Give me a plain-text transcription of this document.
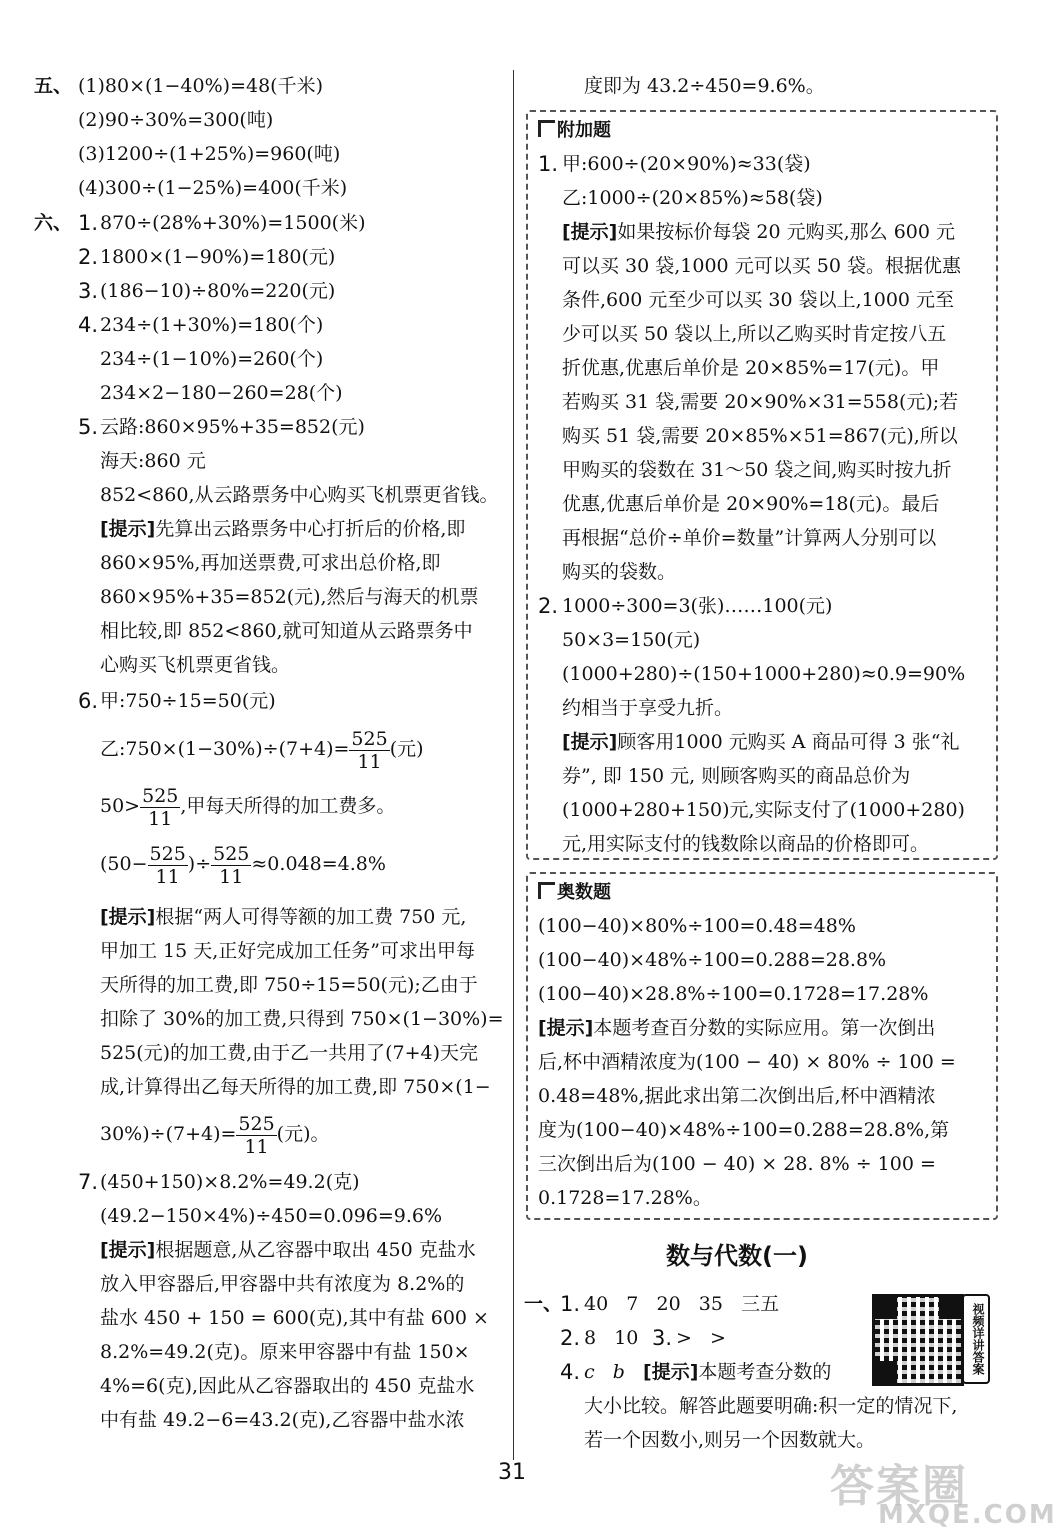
五、 (1)80×(1−40%)=48(千米)
(2)90÷30%=300(吨)
(3)1200÷(1+25%)=960(吨)
(4)300÷(1−25%)=400(千米)
六、 1. 870÷(28%+30%)=1500(米)
2. 1800×(1−90%)=180(元)
3. (186−10)÷80%=220(元)
4. 234÷(1+30%)=180(个)
234÷(1−10%)=260(个)
234×2−180−260=28(个)
5. 云路:860×95%+35=852(元)
海天:860 元
852<860,从云路票务中心购买飞机票更省钱。
[提示]先算出云路票务中心打折后的价格,即
860×95%,再加送票费,可求出总价格,即
860×95%+35=852(元),然后与海天的机票
相比较,即 852<860,就可知道从云路票务中
心购买飞机票更省钱。
6. 甲:750÷15=50(元)
乙:750×(1−30%)÷(7+4)= $\frac{525}{11}$ (元)
$50> \frac{525}{11}$ ,甲每天所得的加工费多。
($50- \frac{525}{11}$ )÷ $\frac{525}{11} \approx 0.048=4.8\%$
[提示]根据“两人可得等额的加工费 750 元,
甲加工 15 天,正好完成加工任务”可求出甲每
天所得的加工费,即 750÷15=50(元);乙由于
扣除了 30%的加工费,只得到 750×(1−30%)=
525(元)的加工费,由于乙一共用了(7+4)天完
成,计算得出乙每天所得的加工费,即 750×(1−
$30\%)\div(7+4)= \frac{525}{11}$ (元)。
7. (450+150)×8.2%=49.2(克)
(49.2−150×4%)÷450=0.096=9.6%
[提示]根据题意,从乙容器中取出 450 克盐水
放入甲容器后,甲容器中共有浓度为 8.2%的
盐水 450 + 150 = 600(克),其中有盐 600 ×
8.2%=49.2(克)。原来甲容器中有盐 150×
4%=6(克),因此从乙容器取出的 450 克盐水
中有盐 49.2−6=43.2(克),乙容器中盐水浓
度即为 43.2÷450=9.6%。
附加题
1. 甲:600÷(20×90%)≈33(袋)
乙:1000÷(20×85%)≈58(袋)
[提示]如果按标价每袋 20 元购买,那么 600 元
可以买 30 袋,1000 元可以买 50 袋。根据优惠
条件,600 元至少可以买 30 袋以上,1000 元至
少可以买 50 袋以上,所以乙购买时肯定按八五
折优惠,优惠后单价是 20×85%=17(元)。甲
若购买 31 袋,需要 20×90%×31=558(元);若
购买 51 袋,需要 20×85%×51=867(元),所以
甲购买的袋数在 31～50 袋之间,购买时按九折
优惠,优惠后单价是 20×90%=18(元)。最后
再根据“总价÷单价=数量”计算两人分别可以
购买的袋数。
2. 1000÷300=3(张)……100(元)
50×3=150(元)
(1000+280)÷(150+1000+280)≈0.9=90%
约相当于享受九折。
[提示]顾客用1000 元购买 A 商品可得 3 张“礼
券”, 即 150 元, 则顾客购买的商品总价为
(1000+280+150)元,实际支付了(1000+280)
元,用实际支付的钱数除以商品的价格即可。
奥数题
(100−40)×80%÷100=0.48=48%
(100−40)×48%÷100=0.288=28.8%
(100−40)×28.8%÷100=0.1728=17.28%
[提示]本题考查百分数的实际应用。第一次倒出
后,杯中酒精浓度为(100 − 40) × 80% ÷ 100 =
0.48=48%,据此求出第二次倒出后,杯中酒精浓
度为(100−40)×48%÷100=0.288=28.8%,第
三次倒出后为(100 − 40) × 28. 8% ÷ 100 =
0.1728=17.28%。
数与代数(一)
一、
1. 40   7   20   35   三五
2. 8   10 3. >   >
4. c   b   [提示]本题考查分数的
大小比较。解答此题要明确:积一定的情况下,
若一个因数小,则另一个因数就大。
视频详讲答案
31	答案圈
MXQE.COM
